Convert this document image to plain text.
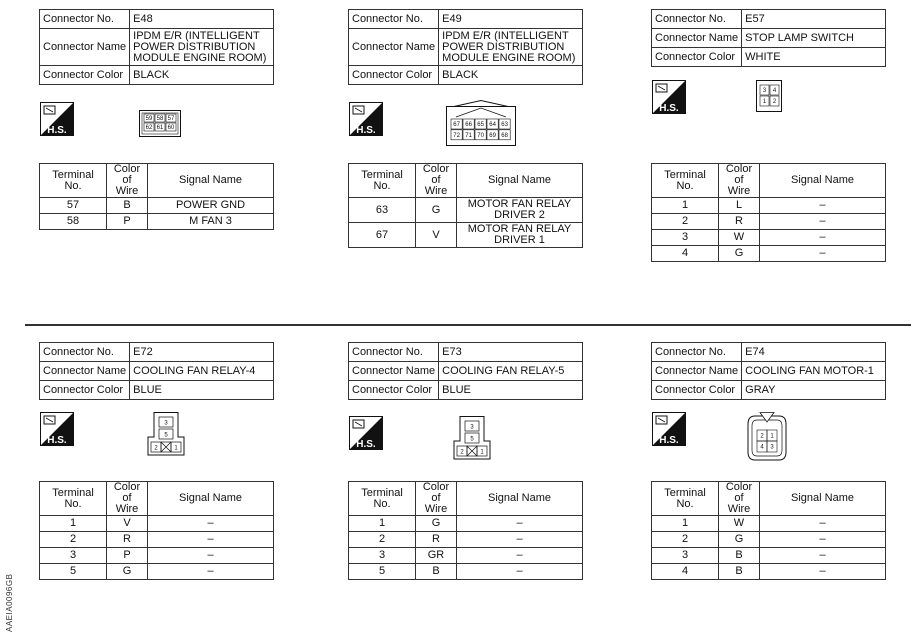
Connector No.	E48
Connector Name	IPDM E/R (INTELLIGENT POWER DISTRIBUTION MODULE ENGINE ROOM)
Connector Color	BLACK
H.S.
59 58 57
62 61 60
Terminal No.	Color of Wire	Signal Name
57	B	POWER GND
58	P	M FAN 3
Connector No.	E49
Connector Name	IPDM E/R (INTELLIGENT POWER DISTRIBUTION MODULE ENGINE ROOM)
Connector Color	BLACK
H.S.	67 66 65 64 63
72 71 70 69 68
Terminal No.	Color of Wire	Signal Name
63	G	MOTOR FAN RELAY DRIVER 2
67	V	MOTOR FAN RELAY DRIVER 1
Connector No.	E57
Connector Name	STOP LAMP SWITCH
Connector Color	WHITE
H.S.
3 4
1 2
Terminal No.	Color of Wire	Signal Name
1	L	–
2	R	–
3	W	–
4	G	–
Connector No.	E72
Connector Name	COOLING FAN RELAY-4
Connector Color	BLUE
H.S.
3
5
2	1
Terminal No.	Color of Wire	Signal Name
1	V	–
2	R	–
3	P	–
5	G	–
Connector No.	E73
Connector Name	COOLING FAN RELAY-5
Connector Color	BLUE
H.S.
3
5
2	1
Terminal No.	Color of Wire	Signal Name
1	G	–
2	R	–
3	GR	–
5	B	–
Connector No.	E74
Connector Name	COOLING FAN MOTOR-1
Connector Color	GRAY
H.S.	2 1
4 3
Terminal No.	Color of Wire	Signal Name
1	W	–
2	G	–
3	B	–
4	B	–
AAEIA0096GB
